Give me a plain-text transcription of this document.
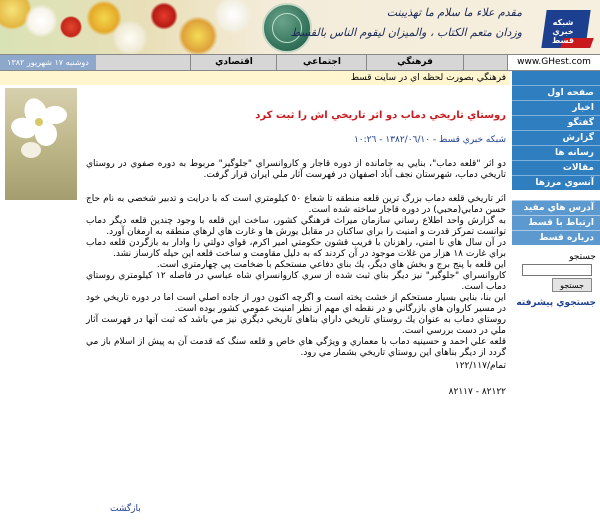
مقدم علاء ما سلام ما تهذيبنت
وزدان متعم الكتاب ، والميزان ليقوم الناس بالقسط
شبكه خبري قسط
دوشنبه ١٧ شهريور ١٣٨٢	اقتصادي	اجتماعي	فرهنگي	www.GHest.com
فرهنگي بصورت لحظه اي در سايت قسط
صفحه اول
اخبار
گفتگو
گزارش
رسانه ها
مقالات
آنسوي مرزها
آدرس هاي مفيد
ارتباط با قسط
درباره قسط
جستجو
جستجو
جستجوي پيشرفته
روستاي تاريخي دماب دو اثر تاريخي اش را ثبت كرد
شبكه خبري قسط - ١٣٨٢/٠٦/١٠ - ١٠:٢٦

دو اثر "قلعه دماب"، بنايي به جامانده از دوره قاجار و كاروانسراي "جلوگير" مربوط به دوره صفوي در روستاي تاريخي دماب، شهرستان نجف آباد اصفهان در فهرست آثار ملي ايران قرار گرفت.

اثر تاريخي قلعه دماب بزرگ ترين قلعه منطقه تا شعاع ٥٠ كيلومتري است كه با درايت و تدبير شخصي به نام حاج حسن دمابي(محبي) در دوره قاجار ساخته شده است.

به گزارش واحد اطلاع رساني سازمان ميراث فرهنگي كشور، ساخت اين قلعه با وجود چندين قلعه ديگر دماب توانست تمركز قدرت و امنيت را براي ساكنان در مقابل يورش ها و غارت هاي لرهاي منطقه به ارمغان آورد.

در آن سال هاي نا امني، راهزنان با فريب قشون حكومتي امير اكرم، قواي دولتي را وادار به بازگردن قلعه دماب براي غارت ١٨ هزار من غلات موجود در آن كردند كه به دليل مقاومت و ساخت قلعه اين حيله كارساز نشد.

اين قلعه با پنج برج و بخش هاي ديگر، يك بناي دفاعي مستحكم با ضخامت پي چهارمتري است.

كاروانسراي "جلوگير" نيز ديگر بناي ثبت شده از سري كاروانسراي شاه عباسي در فاصله ١٢ كيلومتري روستاي دماب است.

اين بنا، بنايي بسيار مستحكم از خشت پخته است و اگرچه اكنون دور از جاده اصلي است اما در دوره تاريخي خود در مسير كاروان هاي بازرگاني و در نقطه اي مهم از نظر امنيت عمومي كشور بوده است.

روستاي دماب به عنوان يك روستاي تاريخي داراي بناهاي تاريخي ديگري نيز مي باشد كه ثبت آنها در فهرست آثار ملي در دست بررسي است.

قلعه علي احمد و حسينيه دماب با معماري و ويژگي هاي خاص و قلعه سنگ كه قدمت آن به پيش از اسلام باز مي گردد از ديگر بناهاي اين روستاي تاريخي بشمار مي رود.

تمام/١٢٢/١١٧
٨٢١٢٢ - ٨٢١١٧
بازگشت
